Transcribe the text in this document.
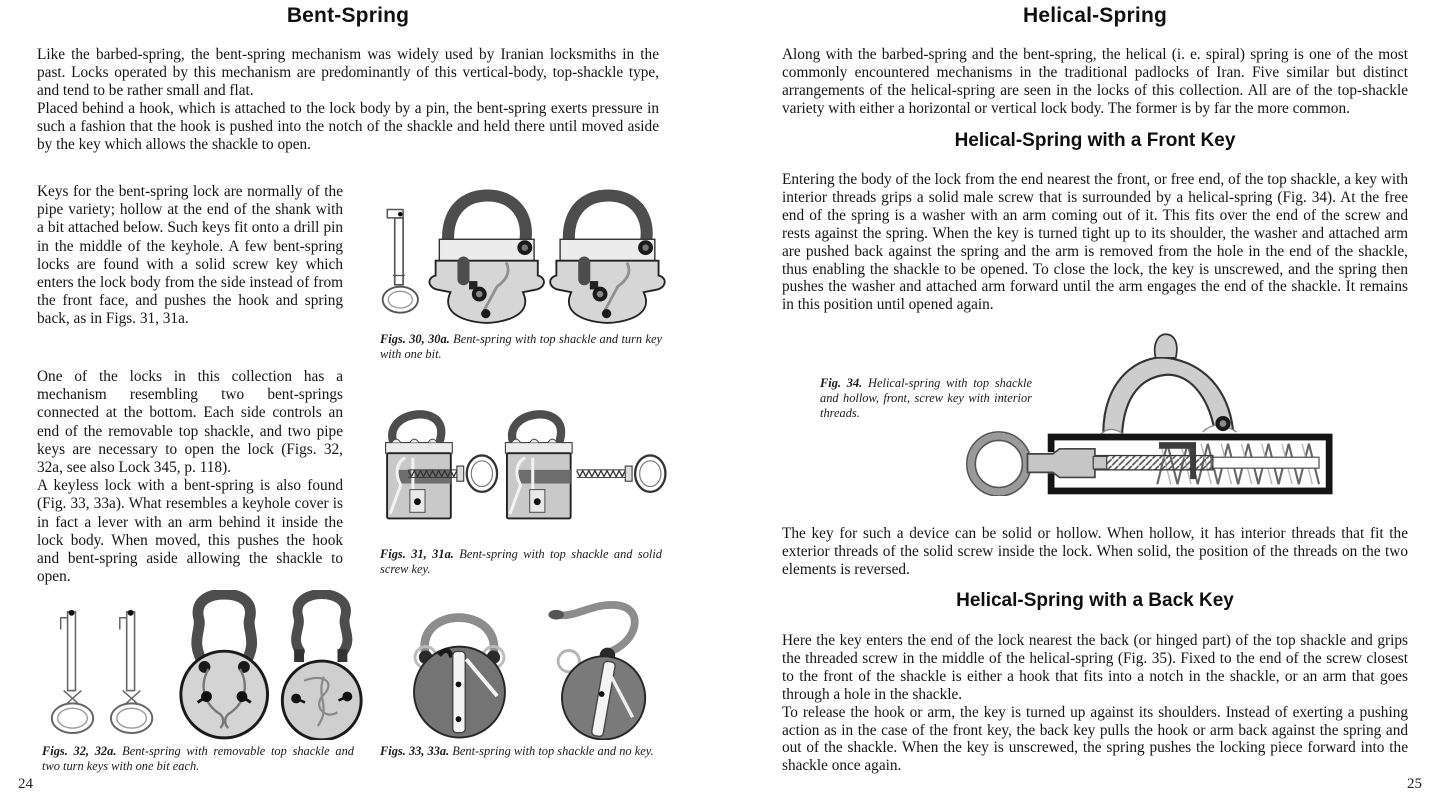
Bent-Spring

Like the barbed-spring, the bent-spring mechanism was widely used by Iranian locksmiths in the past. Locks operated by this mechanism are predominantly of this vertical-body, top-shackle type, and tend to be rather small and flat.

Placed behind a hook, which is attached to the lock body by a pin, the bent-spring exerts pressure in such a fashion that the hook is pushed into the notch of the shackle and held there until moved aside by the key which allows the shackle to open.

Keys for the bent-spring lock are normally of the pipe variety; hollow at the end of the shank with a bit attached below. Such keys fit onto a drill pin in the middle of the keyhole. A few bent-spring locks are found with a solid screw key which enters the lock body from the side instead of from the front face, and pushes the hook and spring back, as in Figs. 31, 31a.

One of the locks in this collection has a mechanism resembling two bent-springs connected at the bottom. Each side controls an end of the removable top shackle, and two pipe keys are necessary to open the lock (Figs. 32, 32a, see also Lock 345, p. 118).

A keyless lock with a bent-spring is also found (Fig. 33, 33a). What resembles a keyhole cover is in fact a lever with an arm behind it inside the lock body. When moved, this pushes the hook and bent-spring aside allowing the shackle to open.

Figs. 30, 30a. Bent-spring with top shackle and turn key with one bit.
Figs. 31, 31a. Bent-spring with top shackle and solid screw key.
Figs. 32, 32a. Bent-spring with removable top shackle and two turn keys with one bit each.
Figs. 33, 33a. Bent-spring with top shackle and no key.
24
Helical-Spring

Along with the barbed-spring and the bent-spring, the helical (i. e. spiral) spring is one of the most commonly encountered mechanisms in the traditional padlocks of Iran. Five similar but distinct arrangements of the helical-spring are seen in the locks of this collection. All are of the top-shackle variety with either a horizontal or vertical lock body. The former is by far the more common.

Helical-Spring with a Front Key

Entering the body of the lock from the end nearest the front, or free end, of the top shackle, a key with interior threads grips a solid male screw that is surrounded by a helical-spring (Fig. 34). At the free end of the spring is a washer with an arm coming out of it. This fits over the end of the screw and rests against the spring. When the key is turned tight up to its shoulder, the washer and attached arm are pushed back against the spring and the arm is removed from the hole in the end of the shackle, thus enabling the shackle to be opened. To close the lock, the key is unscrewed, and the spring then pushes the washer and attached arm forward until the arm engages the end of the shackle. It remains in this position until opened again.

Fig. 34. Helical-spring with top shackle and hollow, front, screw key with interior threads.

The key for such a device can be solid or hollow. When hollow, it has interior threads that fit the exterior threads of the solid screw inside the lock. When solid, the position of the threads on the two elements is reversed.

Helical-Spring with a Back Key

Here the key enters the end of the lock nearest the back (or hinged part) of the top shackle and grips the threaded screw in the middle of the helical-spring (Fig. 35). Fixed to the end of the screw closest to the front of the shackle is either a hook that fits into a notch in the shackle, or an arm that goes through a hole in the shackle.

To release the hook or arm, the key is turned up against its shoulders. Instead of exerting a pushing action as in the case of the front key, the back key pulls the hook or arm back against the spring and out of the shackle. When the key is unscrewed, the spring pushes the locking piece forward into the shackle once again.

25
